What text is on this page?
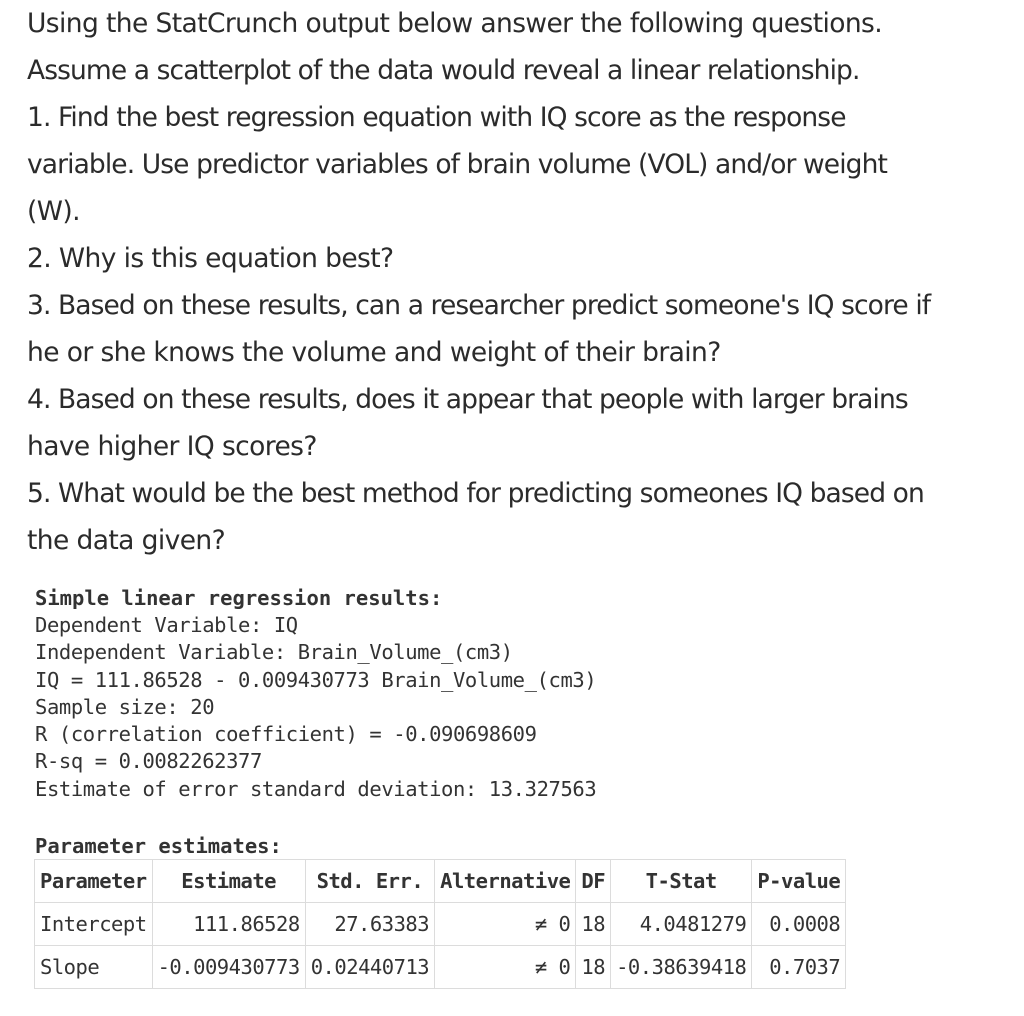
Using the StatCrunch output below answer the following questions.
Assume a scatterplot of the data would reveal a linear relationship.
1. Find the best regression equation with IQ score as the response
variable. Use predictor variables of brain volume (VOL) and/or weight
(W).
2. Why is this equation best?
3. Based on these results, can a researcher predict someone's IQ score if
he or she knows the volume and weight of their brain?
4. Based on these results, does it appear that people with larger brains
have higher IQ scores?
5. What would be the best method for predicting someones IQ based on
the data given?
Simple linear regression results:
Dependent Variable: IQ
Independent Variable: Brain_Volume_(cm3)
IQ = 111.86528 - 0.009430773 Brain_Volume_(cm3)
Sample size: 20
R (correlation coefficient) = -0.090698609
R-sq = 0.0082262377
Estimate of error standard deviation: 13.327563
Parameter estimates:
Parameter	Estimate	Std. Err.	Alternative	DF	T-Stat	P-value
Intercept	111.86528	27.63383	≠ 0	18	4.0481279	0.0008
Slope	-0.009430773	0.02440713	≠ 0	18	-0.38639418	0.7037
